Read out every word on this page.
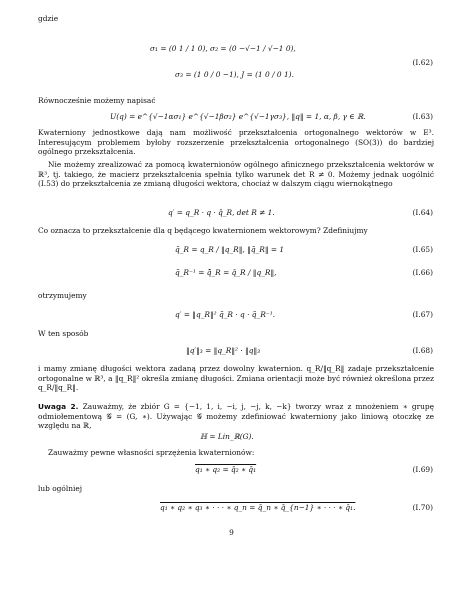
gdzie
σ₁ = (0 1 / 1 0), σ₂ = (0 −√−1 / √−1 0),
σ₃ = (1 0 / 0 −1), J = (1 0 / 0 1).
(I.62)
Równocześnie możemy napisać
U(q) = e^{√−1ασ₁} e^{√−1βσ₂} e^{√−1γσ₃}, ‖q‖ = 1, α, β, γ ∈ ℝ.	(I.63)
Kwaterniony jednostkowe dają nam możliwość przekształcenia ortogonalnego wektorów w E³. Interesującym problemem byłoby rozszerzenie przekształcenia ortogonalnego (SO(3)) do bardziej ogólnego przekształcenia.
Nie możemy zrealizować za pomocą kwaternionów ogólnego afinicznego przekształcenia wektorów w ℝ³, tj. takiego, że macierz przekształcenia spełnia tylko warunek det R ≠ 0. Możemy jednak uogólnić (I.53) do przekształcenia ze zmianą długości wektora, chociaż w dalszym ciągu wiernokątnego
q′ = q_R · q · q̄_R, det R ≠ 1.	(I.64)
Co oznacza to przekształcenie dla q będącego kwaternionem wektorowym? Zdefiniujmy
q̃_R = q_R / ‖q_R‖, ‖q̃_R‖ = 1	(I.65)
q̃_R⁻¹ = q̄̃_R = q̄_R / ‖q_R‖,	(I.66)
otrzymujemy
q′ = ‖q_R‖² q̃_R · q · q̃_R⁻¹.	(I.67)
W ten sposób
‖q′‖₃ = ‖q_R‖² · ‖q‖₃	(I.68)
i mamy zmianę długości wektora zadaną przez dowolny kwaternion. q_R/‖q_R‖ zadaje przekształcenie ortogonalne w ℝ³, a ‖q_R‖² określa zmianę długości. Zmiana orientacji może być również określona przez q_R/‖q_R‖.
Uwaga 2. Zauważmy, że zbiór G = {−1, 1, i, −i, j, −j, k, −k} tworzy wraz z mnożeniem ∗ grupę odmiołementową 𝒢 = (G, ∗). Używając 𝒢 możemy zdefiniować kwaterniony jako liniową otoczkę ze względu na ℝ,
ℍ = Lin_ℝ(G).
Zauważmy pewne własności sprzężenia kwaternionów:
q₁ ∗ q₂ = q̄₂ ∗ q̄₁	(I.69)
lub ogólniej
q₁ ∗ q₂ ∗ q₃ ∗ · · · ∗ q_n = q̄_n ∗ q̄_{n−1} ∗ · · · ∗ q̄₁.	(I.70)
9
